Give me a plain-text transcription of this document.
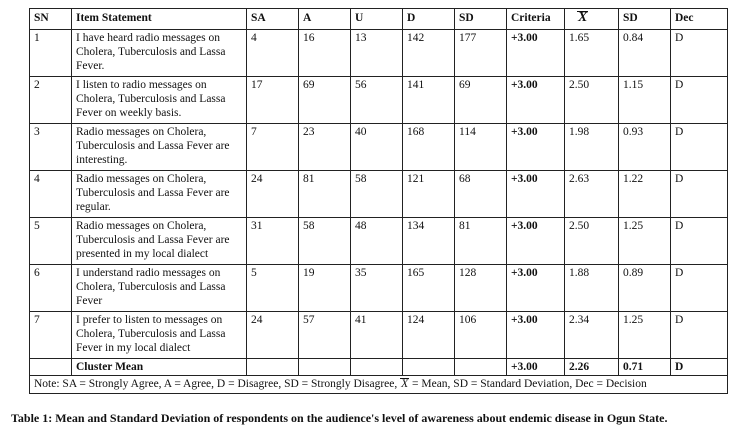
SN	Item Statement	SA	A	U	D	SD	Criteria	X	SD	Dec
1	I have heard radio messages on Cholera, Tuberculosis and Lassa Fever.	4	16	13	142	177	+3.00	1.65	0.84	D
2	I listen to radio messages on Cholera, Tuberculosis and Lassa Fever on weekly basis.	17	69	56	141	69	+3.00	2.50	1.15	D
3	Radio messages on Cholera, Tuberculosis and Lassa Fever are interesting.	7	23	40	168	114	+3.00	1.98	0.93	D
4	Radio messages on Cholera, Tuberculosis and Lassa Fever are regular.	24	81	58	121	68	+3.00	2.63	1.22	D
5	Radio messages on Cholera, Tuberculosis and Lassa Fever are presented in my local dialect	31	58	48	134	81	+3.00	2.50	1.25	D
6	I understand radio messages on Cholera, Tuberculosis and Lassa Fever	5	19	35	165	128	+3.00	1.88	0.89	D
7	I prefer to listen to messages on Cholera, Tuberculosis and Lassa Fever in my local dialect	24	57	41	124	106	+3.00	2.34	1.25	D
	Cluster Mean						+3.00	2.26	0.71	D
Note: SA = Strongly Agree, A = Agree, D = Disagree, SD = Strongly Disagree, X = Mean, SD = Standard Deviation, Dec = Decision										
Table 1: Mean and Standard Deviation of respondents on the audience's level of awareness about endemic disease in Ogun State.
